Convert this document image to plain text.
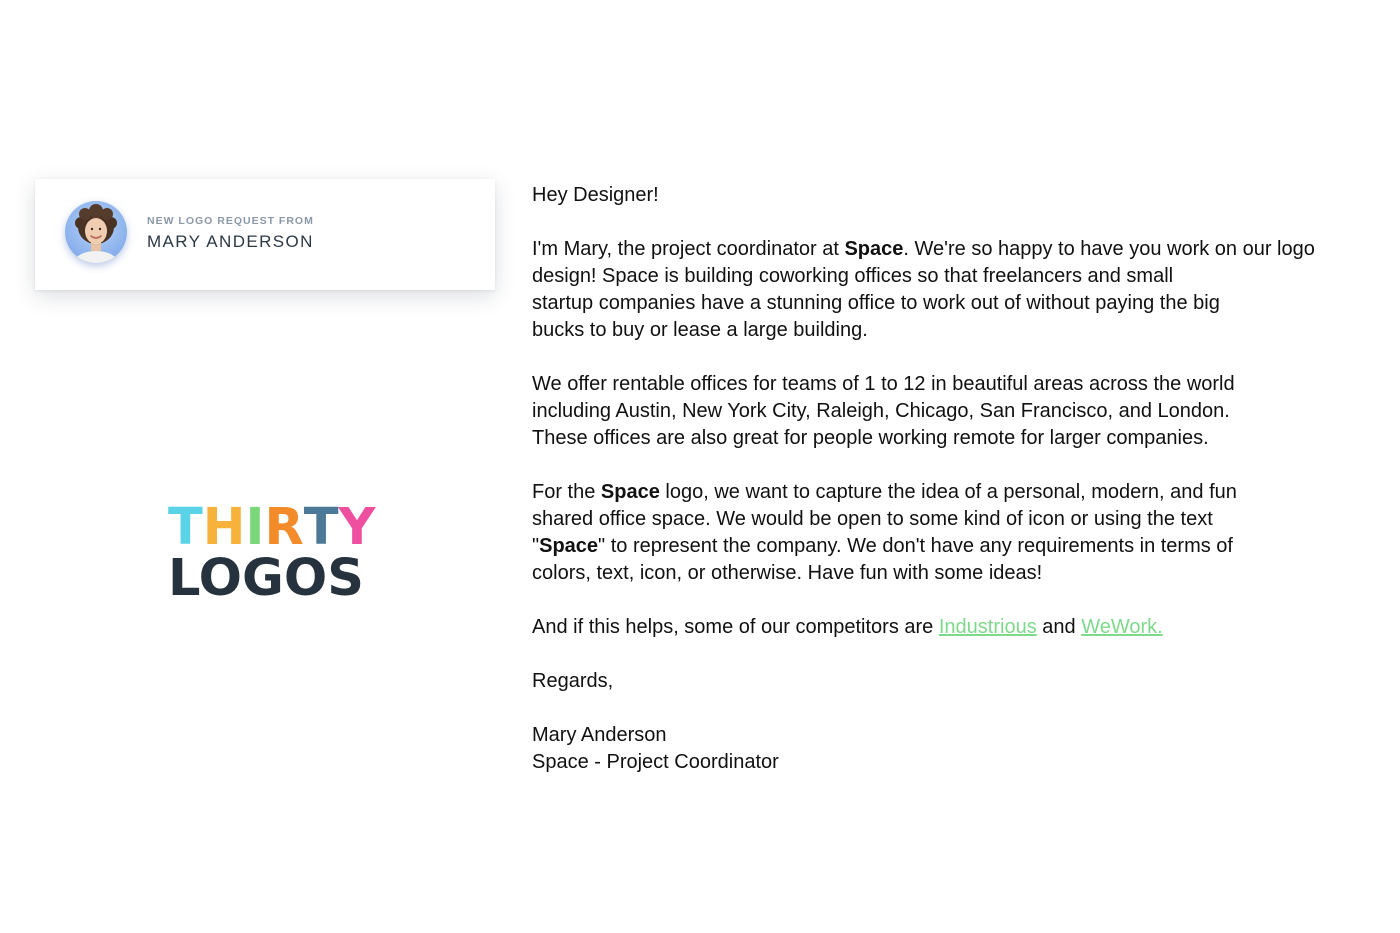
NEW LOGO REQUEST FROM
MARY ANDERSON
THIRTY
LOGOS

Hey Designer!

I'm Mary, the project coordinator at Space. We're so happy to have you work on our logo
design! Space is building coworking offices so that freelancers and small
startup companies have a stunning office to work out of without paying the big
bucks to buy or lease a large building.

We offer rentable offices for teams of 1 to 12 in beautiful areas across the world
including Austin, New York City, Raleigh, Chicago, San Francisco, and London.
These offices are also great for people working remote for larger companies.

For the Space logo, we want to capture the idea of a personal, modern, and fun
shared office space. We would be open to some kind of icon or using the text
"Space" to represent the company. We don't have any requirements in terms of
colors, text, icon, or otherwise. Have fun with some ideas!

And if this helps, some of our competitors are Industrious and WeWork.

Regards,

Mary Anderson
Space - Project Coordinator
